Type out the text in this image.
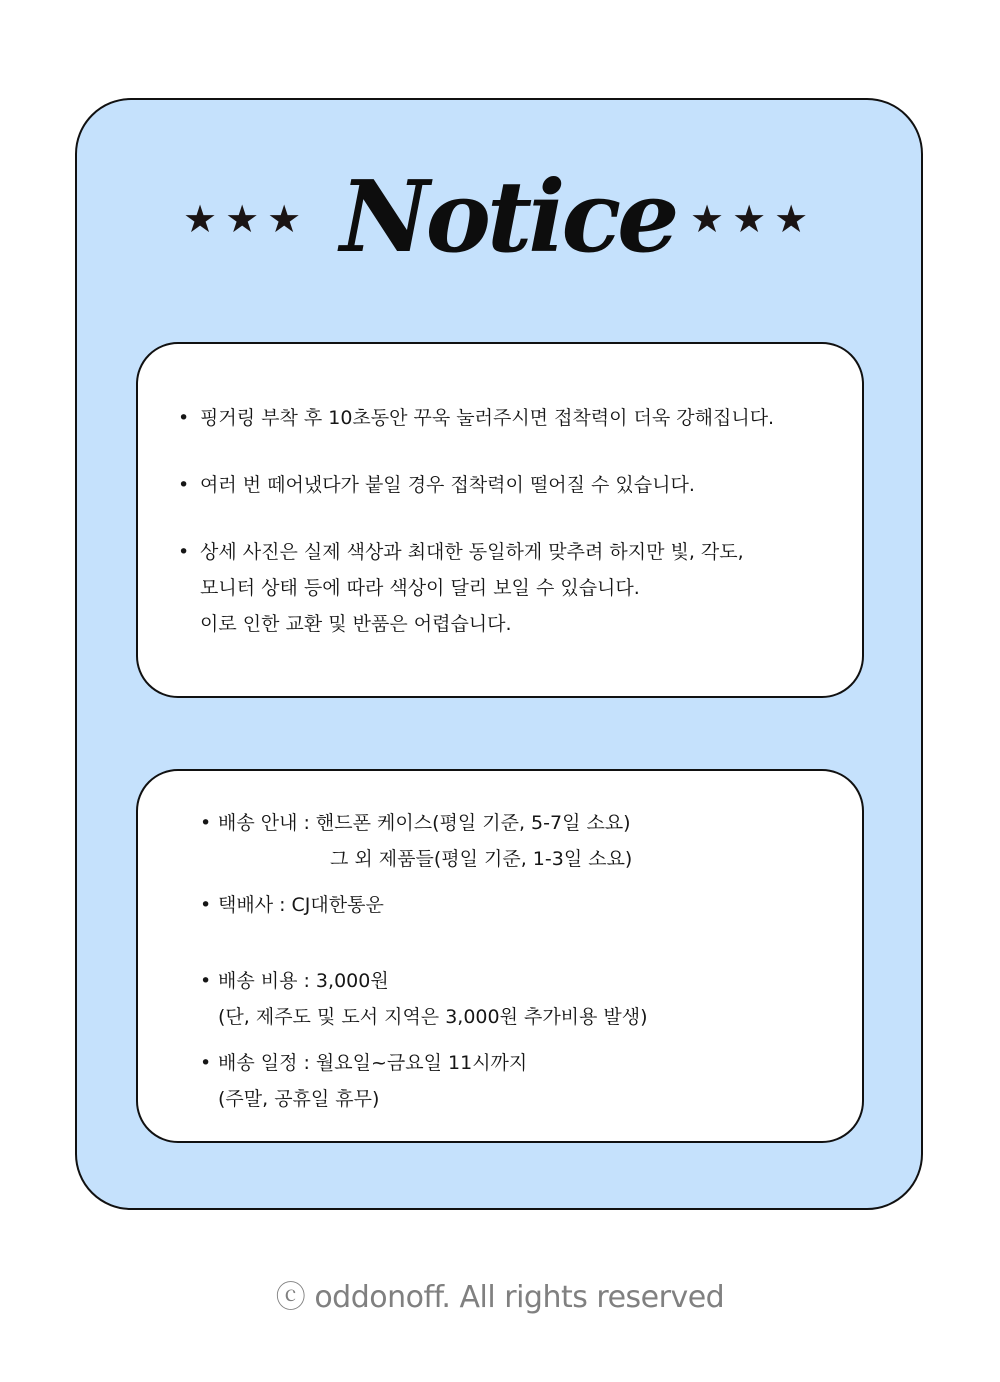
★★★ Notice ★★★
• 핑거링 부착 후 10초동안 꾸욱 눌러주시면 접착력이 더욱 강해집니다.
• 여러 번 떼어냈다가 붙일 경우 접착력이 떨어질 수 있습니다.
• 상세 사진은 실제 색상과 최대한 동일하게 맞추려 하지만 빛, 각도,
모니터 상태 등에 따라 색상이 달리 보일 수 있습니다.
이로 인한 교환 및 반품은 어렵습니다.
• 배송 안내 : 핸드폰 케이스(평일 기준, 5-7일 소요)
그 외 제품들(평일 기준, 1-3일 소요)
• 택배사 : CJ대한통운
• 배송 비용 : 3,000원
(단, 제주도 및 도서 지역은 3,000원 추가비용 발생)
• 배송 일정 : 월요일~금요일 11시까지
(주말, 공휴일 휴무)
ⓒ oddonoff. All rights reserved
